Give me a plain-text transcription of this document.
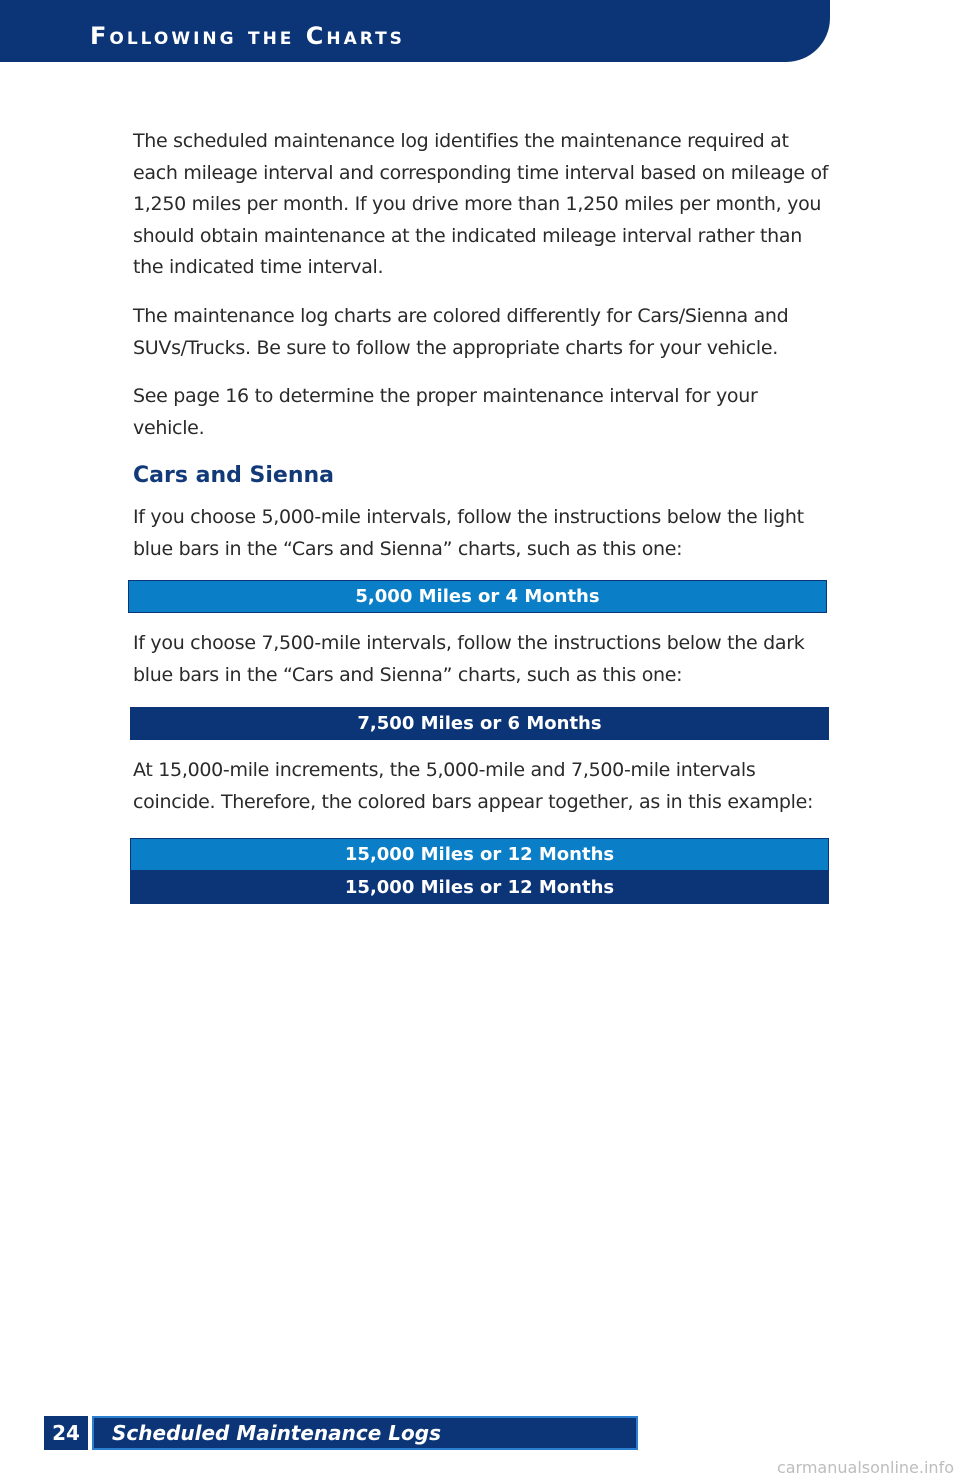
Following the Charts

The scheduled maintenance log identifies the maintenance required at each mileage interval and corresponding time interval based on mileage of 1,250 miles per month. If you drive more than 1,250 miles per month, you should obtain maintenance at the indicated mileage interval rather than the indicated time interval.

The maintenance log charts are colored differently for Cars/Sienna and SUVs/Trucks. Be sure to follow the appropriate charts for your vehicle.

See page 16 to determine the proper maintenance interval for your vehicle.

Cars and Sienna

If you choose 5,000-mile intervals, follow the instructions below the light blue bars in the “Cars and Sienna” charts, such as this one:

5,000 Miles or 4 Months

If you choose 7,500-mile intervals, follow the instructions below the dark blue bars in the “Cars and Sienna” charts, such as this one:

7,500 Miles or 6 Months

At 15,000-mile increments, the 5,000-mile and 7,500-mile intervals coincide. Therefore, the colored bars appear together, as in this example:

15,000 Miles or 12 Months
15,000 Miles or 12 Months
24	Scheduled Maintenance Logs
carmanualsonline.info
